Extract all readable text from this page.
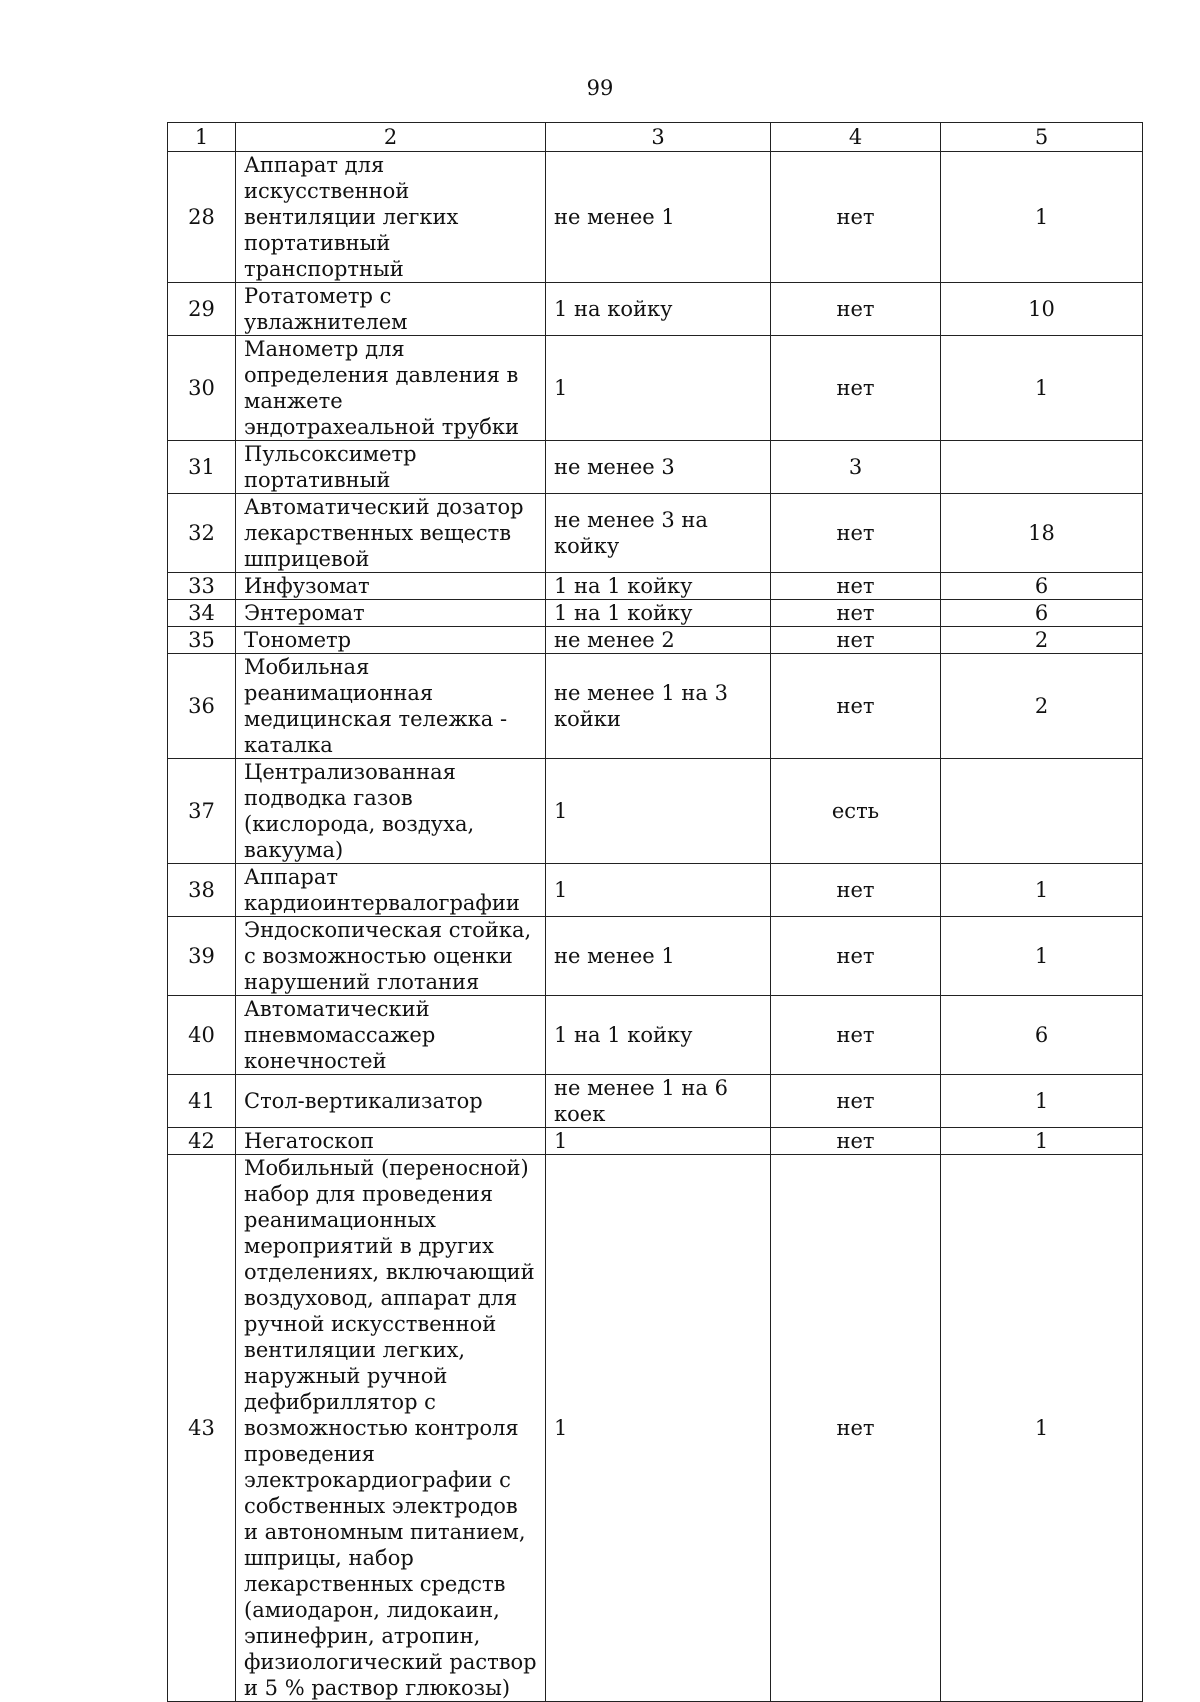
99
1	2	3	4	5
28	Аппарат для искусственной вентиляции легких портативный транспортный	не менее 1	нет	1
29	Ротатометр с увлажнителем	1 на койку	нет	10
30	Манометр для определения давления в манжете эндотрахеальной трубки	1	нет	1
31	Пульсоксиметр портативный	не менее 3	3	
32	Автоматический дозатор лекарственных веществ шприцевой	не менее 3 на койку	нет	18
33	Инфузомат	1 на 1 койку	нет	6
34	Энтеромат	1 на 1 койку	нет	6
35	Тонометр	не менее 2	нет	2
36	Мобильная реанимационная медицинская тележка - каталка	не менее 1 на 3 койки	нет	2
37	Централизованная подводка газов (кислорода, воздуха, вакуума)	1	есть	
38	Аппарат кардиоинтервалографии	1	нет	1
39	Эндоскопическая стойка, с возможностью оценки нарушений глотания	не менее 1	нет	1
40	Автоматический пневмомассажер конечностей	1 на 1 койку	нет	6
41	Стол-вертикализатор	не менее 1 на 6 коек	нет	1
42	Негатоскоп	1	нет	1
43	Мобильный (переносной) набор для проведения реанимационных мероприятий в других отделениях, включающий воздуховод, аппарат для ручной искусственной вентиляции легких, наружный ручной дефибриллятор с возможностью контроля проведения электрокардиографии с собственных электродов и автономным питанием, шприцы, набор лекарственных средств (амиодарон, лидокаин, эпинефрин, атропин, физиологический раствор и 5 % раствор глюкозы)	1	нет	1
